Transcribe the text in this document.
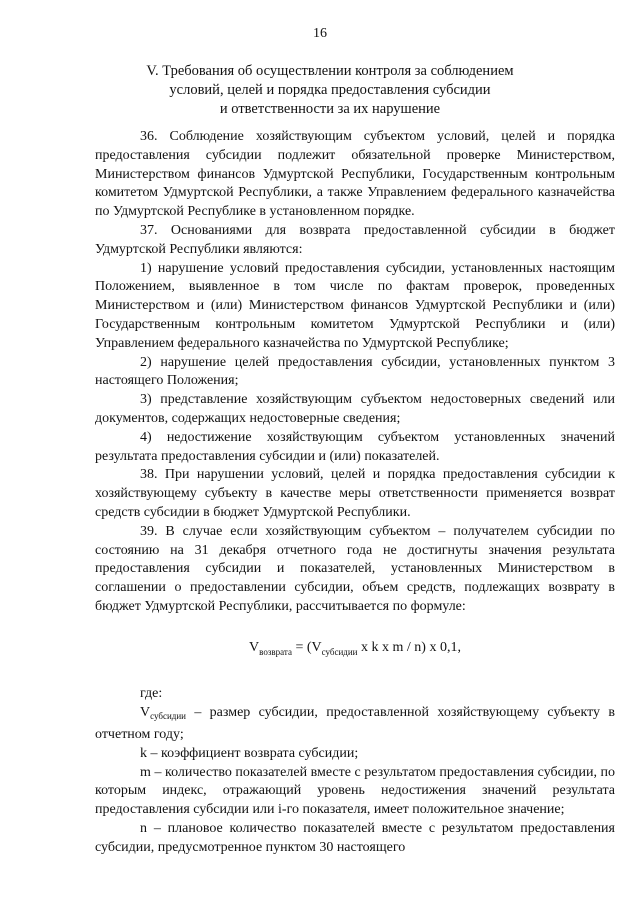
16
V. Требования об осуществлении контроля за соблюдением
условий, целей и порядка предоставления субсидии
и ответственности за их нарушение

36. Соблюдение хозяйствующим субъектом условий, целей и порядка предоставления субсидии подлежит обязательной проверке Министерством, Министерством финансов Удмуртской Республики, Государственным контрольным комитетом Удмуртской Республики, а также Управлением федерального казначейства по Удмуртской Республике в установленном порядке.

37. Основаниями для возврата предоставленной субсидии в бюджет Удмуртской Республики являются:

1) нарушение условий предоставления субсидии, установленных настоящим Положением, выявленное в том числе по фактам проверок, проведенных Министерством и (или) Министерством финансов Удмуртской Республики и (или) Государственным контрольным комитетом Удмуртской Республики и (или) Управлением федерального казначейства по Удмуртской Республике;

2) нарушение целей предоставления субсидии, установленных пунктом 3 настоящего Положения;

3) представление хозяйствующим субъектом недостоверных сведений или документов, содержащих недостоверные сведения;

4) недостижение хозяйствующим субъектом установленных значений результата предоставления субсидии и (или) показателей.

38. При нарушении условий, целей и порядка предоставления субсидии к хозяйствующему субъекту в качестве меры ответственности применяется возврат средств субсидии в бюджет Удмуртской Республики.

39. В случае если хозяйствующим субъектом – получателем субсидии по состоянию на 31 декабря отчетного года не достигнуты значения результата предоставления субсидии и показателей, установленных Министерством в соглашении о предоставлении субсидии, объем средств, подлежащих возврату в бюджет Удмуртской Республики, рассчитывается по формуле:

$V_{возврата} = (V_{субсидии}$ x k x m / n) x 0,1,

где:

$V_{субсидии}$ – размер субсидии, предоставленной хозяйствующему субъекту в отчетном году;

k – коэффициент возврата субсидии;

m – количество показателей вместе с результатом предоставления субсидии, по которым индекс, отражающий уровень недостижения значений результата предоставления субсидии или i-го показателя, имеет положительное значение;

n – плановое количество показателей вместе с результатом предоставления субсидии, предусмотренное пунктом 30 настоящего
